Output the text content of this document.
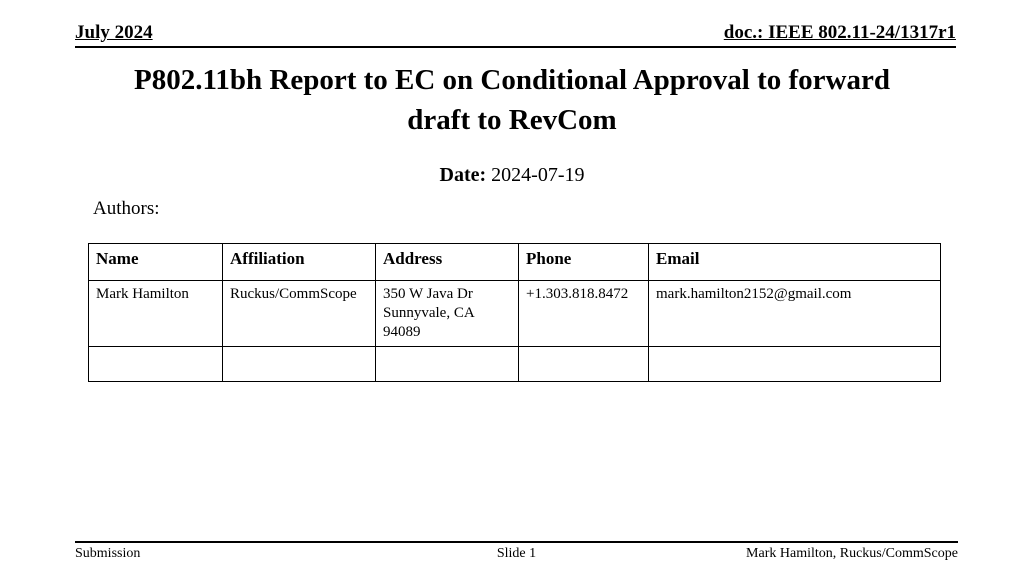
July 2024	doc.: IEEE 802.11-24/1317r1
P802.11bh Report to EC on Conditional Approval to forward draft to RevCom
Date: 2024-07-19
Authors:
Name	Affiliation	Address	Phone	Email
Mark Hamilton	Ruckus/CommScope	350 W Java Dr
Sunnyvale, CA
94089	+1.303.818.8472	mark.hamilton2152@gmail.com

Submission	Slide 1	Mark Hamilton, Ruckus/CommScope
